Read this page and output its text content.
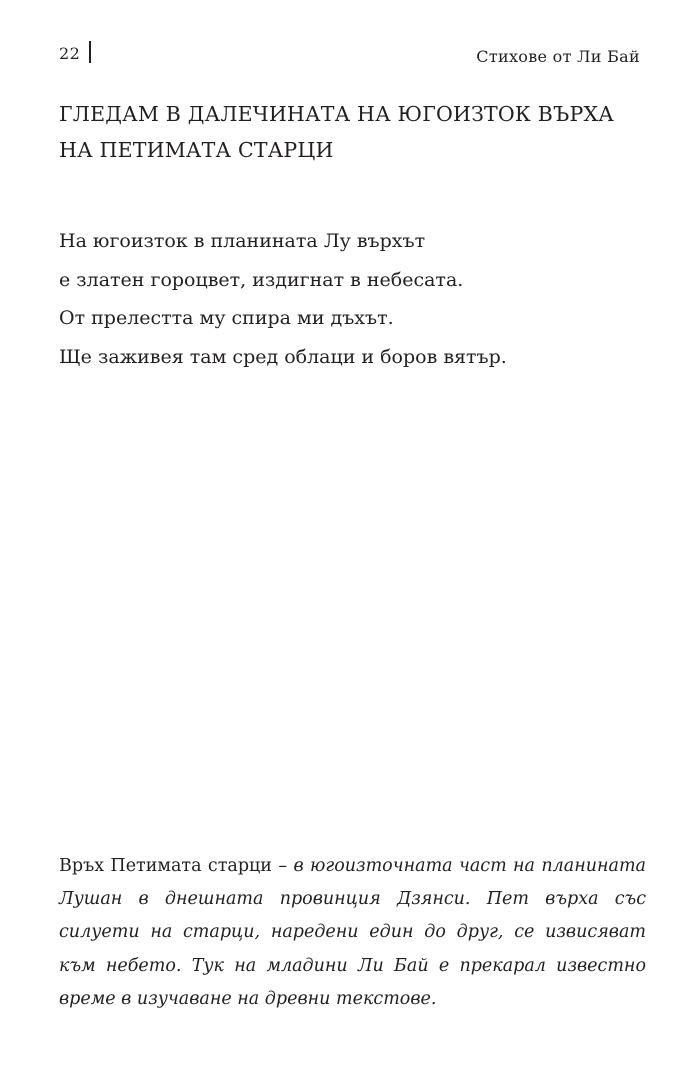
22	Стихове от Ли Бай
ГЛЕДАМ В ДАЛЕЧИНАТА НА ЮГОИЗТОК ВЪРХА
НА ПЕТИМАТА СТАРЦИ
На югоизток в планината Лу върхът
е златен гороцвет, издигнат в небесата.
От прелестта му спира ми дъхът.
Ще заживея там сред облаци и боров вятър.
Връх Петимата старци – в югоизточната част на планината Лушан в днешната провинция Дзянси. Пет върха със силуети на старци, наредени един до друг, се извисяват към небето. Тук на младини Ли Бай е прекарал известно време в изучаване на древни текстове.
